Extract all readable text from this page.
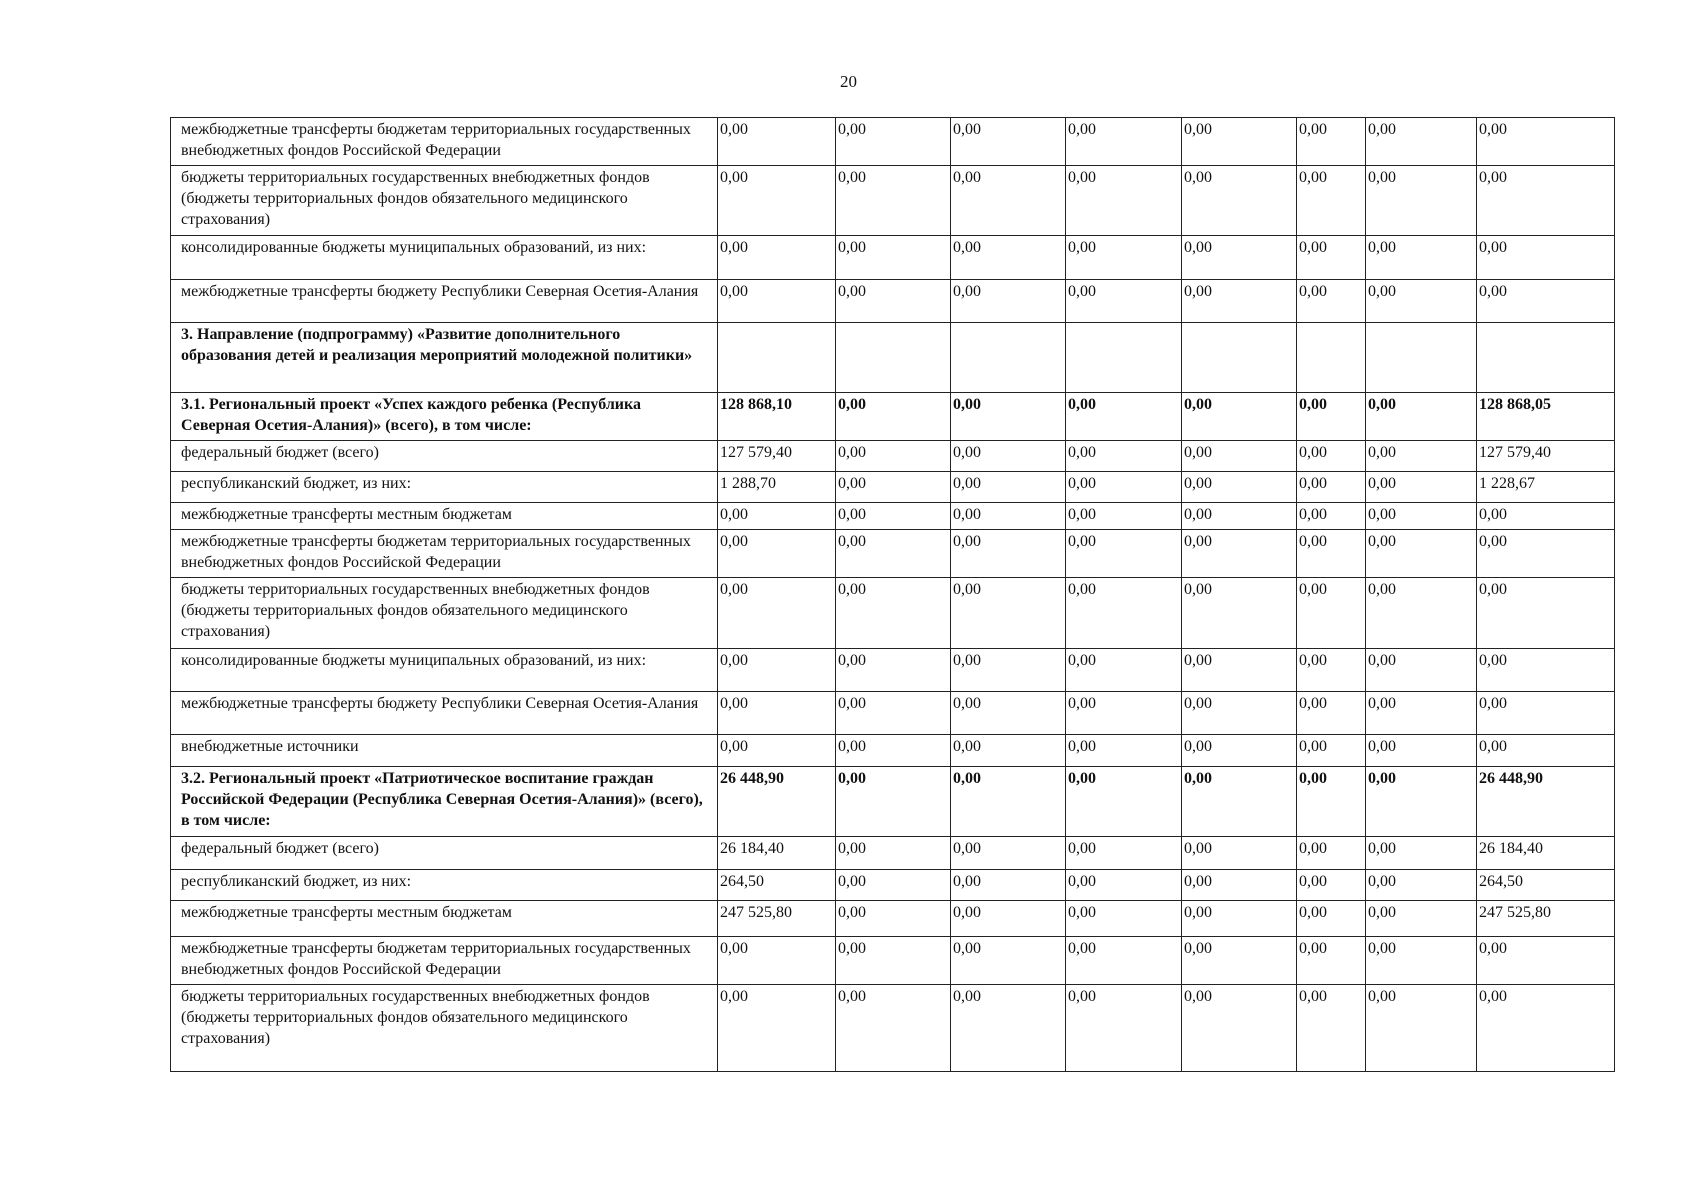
20
межбюджетные трансферты бюджетам территориальных государственных внебюджетных фондов Российской Федерации	0,00	0,00	0,00	0,00	0,00	0,00	0,00	0,00
бюджеты территориальных государственных внебюджетных фондов (бюджеты территориальных фондов обязательного медицинского страхования)	0,00	0,00	0,00	0,00	0,00	0,00	0,00	0,00
консолидированные бюджеты муниципальных образований, из них:	0,00	0,00	0,00	0,00	0,00	0,00	0,00	0,00
межбюджетные трансферты бюджету Республики Северная Осетия-Алания	0,00	0,00	0,00	0,00	0,00	0,00	0,00	0,00
3. Направление (подпрограмму) «Развитие дополнительного образования детей и реализация мероприятий молодежной политики»								
3.1. Региональный проект «Успех каждого ребенка (Республика Северная Осетия-Алания)» (всего), в том числе:	128 868,10	0,00	0,00	0,00	0,00	0,00	0,00	128 868,05
федеральный бюджет (всего)	127 579,40	0,00	0,00	0,00	0,00	0,00	0,00	127 579,40
республиканский бюджет, из них:	1 288,70	0,00	0,00	0,00	0,00	0,00	0,00	1 228,67
межбюджетные трансферты местным бюджетам	0,00	0,00	0,00	0,00	0,00	0,00	0,00	0,00
межбюджетные трансферты бюджетам территориальных государственных внебюджетных фондов Российской Федерации	0,00	0,00	0,00	0,00	0,00	0,00	0,00	0,00
бюджеты территориальных государственных внебюджетных фондов (бюджеты территориальных фондов обязательного медицинского страхования)	0,00	0,00	0,00	0,00	0,00	0,00	0,00	0,00
консолидированные бюджеты муниципальных образований, из них:	0,00	0,00	0,00	0,00	0,00	0,00	0,00	0,00
межбюджетные трансферты бюджету Республики Северная Осетия-Алания	0,00	0,00	0,00	0,00	0,00	0,00	0,00	0,00
внебюджетные источники	0,00	0,00	0,00	0,00	0,00	0,00	0,00	0,00
3.2. Региональный проект «Патриотическое воспитание граждан Российской Федерации (Республика Северная Осетия-Алания)» (всего), в том числе:	26 448,90	0,00	0,00	0,00	0,00	0,00	0,00	26 448,90
федеральный бюджет (всего)	26 184,40	0,00	0,00	0,00	0,00	0,00	0,00	26 184,40
республиканский бюджет, из них:	264,50	0,00	0,00	0,00	0,00	0,00	0,00	264,50
межбюджетные трансферты местным бюджетам	247 525,80	0,00	0,00	0,00	0,00	0,00	0,00	247 525,80
межбюджетные трансферты бюджетам территориальных государственных внебюджетных фондов Российской Федерации	0,00	0,00	0,00	0,00	0,00	0,00	0,00	0,00
бюджеты территориальных государственных внебюджетных фондов (бюджеты территориальных фондов обязательного медицинского страхования)	0,00	0,00	0,00	0,00	0,00	0,00	0,00	0,00
